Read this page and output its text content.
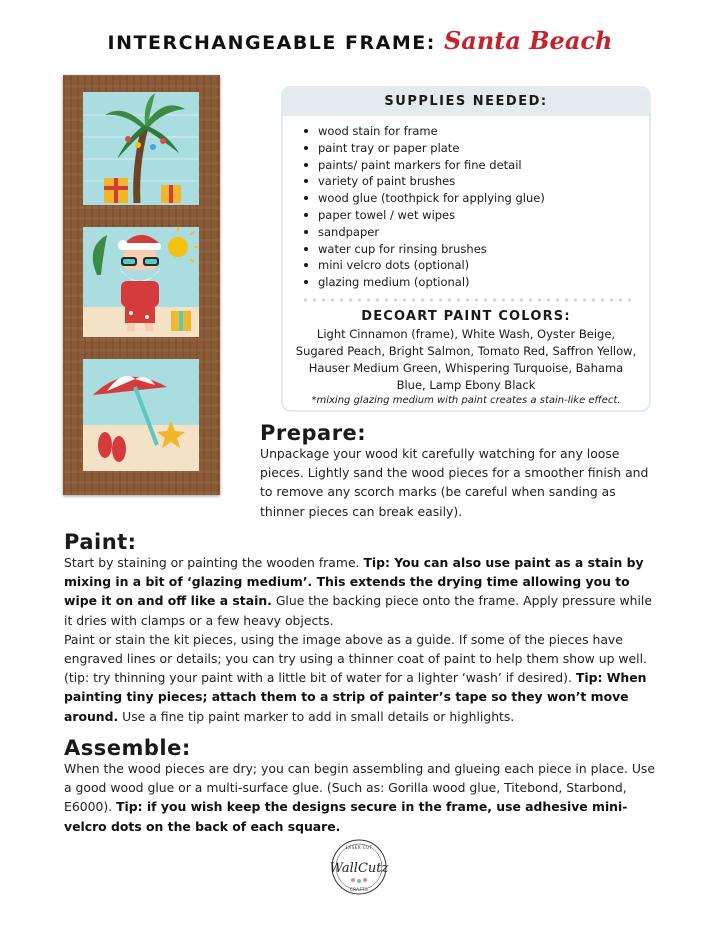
INTERCHANGEABLE FRAME: Santa Beach
SUPPLIES NEEDED:
wood stain for frame
paint tray or paper plate
paints/ paint markers for fine detail
variety of paint brushes
wood glue (toothpick for applying glue)
paper towel / wet wipes
sandpaper
water cup for rinsing brushes
mini velcro dots (optional)
glazing medium (optional)
DECOART PAINT COLORS:
Light Cinnamon (frame), White Wash, Oyster Beige, Sugared Peach, Bright Salmon, Tomato Red, Saffron Yellow, Hauser Medium Green, Whispering Turquoise, Bahama Blue, Lamp Ebony Black
*mixing glazing medium with paint creates a stain-like effect.
Prepare:
Unpackage your wood kit carefully watching for any loose pieces. Lightly sand the wood pieces for a smoother finish and to remove any scorch marks (be careful when sanding as thinner pieces can break easily).
Paint:
Start by staining or painting the wooden frame. Tip: You can also use paint as a stain by mixing in a bit of ‘glazing medium’. This extends the drying time allowing you to wipe it on and off like a stain. Glue the backing piece onto the frame. Apply pressure while it dries with clamps or a few heavy objects.
Paint or stain the kit pieces, using the image above as a guide. If some of the pieces have engraved lines or details; you can try using a thinner coat of paint to help them show up well. (tip: try thinning your paint with a little bit of water for a lighter ‘wash’ if desired). Tip: When painting tiny pieces; attach them to a strip of painter’s tape so they won’t move around. Use a fine tip paint marker to add in small details or highlights.
Assemble:
When the wood pieces are dry; you can begin assembling and glueing each piece in place. Use a good wood glue or a multi-surface glue. (Such as: Gorilla wood glue, Titebond, Starbond, E6000). Tip: if you wish keep the designs secure in the frame, use adhesive mini-velcro dots on the back of each square.
WallCutz
LASER CUT
CRAFTS
